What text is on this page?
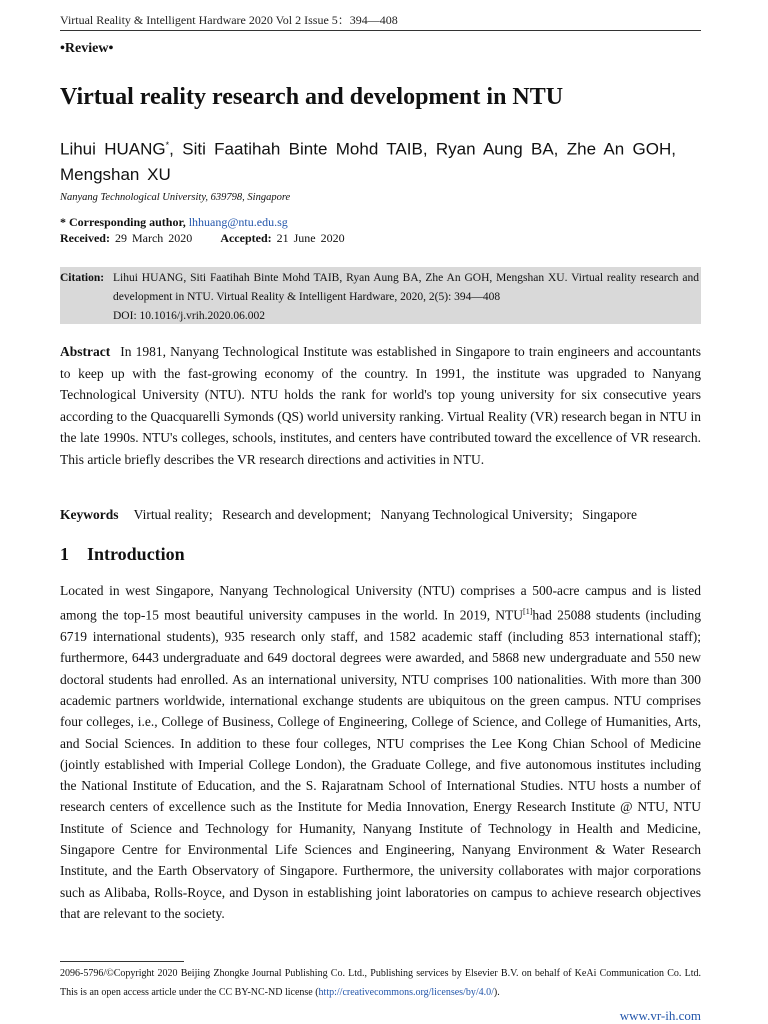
Virtual Reality & Intelligent Hardware 2020 Vol 2 Issue 5：394—408
•Review•
Virtual reality research and development in NTU

Lihui HUANG*, Siti Faatihah Binte Mohd TAIB, Ryan Aung BA, Zhe An GOH, Mengshan XU

Nanyang Technological University, 639798, Singapore
* Corresponding author, lhhuang@ntu.edu.sg
Received: 29 March 2020 Accepted: 21 June 2020
Citation: Lihui HUANG, Siti Faatihah Binte Mohd TAIB, Ryan Aung BA, Zhe An GOH, Mengshan XU. Virtual reality research and development in NTU. Virtual Reality & Intelligent Hardware, 2020, 2(5): 394—408
DOI: 10.1016/j.vrih.2020.06.002

Abstract In 1981, Nanyang Technological Institute was established in Singapore to train engineers and accountants to keep up with the fast-growing economy of the country. In 1991, the institute was upgraded to Nanyang Technological University (NTU). NTU holds the rank for world's top young university for six consecutive years according to the Quacquarelli Symonds (QS) world university ranking. Virtual Reality (VR) research began in NTU in the late 1990s. NTU's colleges, schools, institutes, and centers have contributed toward the excellence of VR research. This article briefly describes the VR research directions and activities in NTU.

Keywords Virtual reality; Research and development; Nanyang Technological University; Singapore
1 Introduction

Located in west Singapore, Nanyang Technological University (NTU) comprises a 500-acre campus and is listed among the top-15 most beautiful university campuses in the world. In 2019, NTU[1]had 25088 students (including 6719 international students), 935 research only staff, and 1582 academic staff (including 853 international staff); furthermore, 6443 undergraduate and 649 doctoral degrees were awarded, and 5868 new undergraduate and 550 new doctoral students had enrolled. As an international university, NTU comprises 100 nationalities. With more than 300 academic partners worldwide, international exchange students are ubiquitous on the green campus. NTU comprises four colleges, i.e., College of Business, College of Engineering, College of Science, and College of Humanities, Arts, and Social Sciences. In addition to these four colleges, NTU comprises the Lee Kong Chian School of Medicine (jointly established with Imperial College London), the Graduate College, and five autonomous institutes including the National Institute of Education, and the S. Rajaratnam School of International Studies. NTU hosts a number of research centers of excellence such as the Institute for Media Innovation, Energy Research Institute @ NTU, NTU Institute of Science and Technology for Humanity, Nanyang Institute of Technology in Health and Medicine, Singapore Centre for Environmental Life Sciences and Engineering, Nanyang Environment & Water Research Institute, and the Earth Observatory of Singapore. Furthermore, the university collaborates with major corporations such as Alibaba, Rolls-Royce, and Dyson in establishing joint laboratories on campus to achieve research objectives that are relevant to the society.

2096-5796/©Copyright 2020 Beijing Zhongke Journal Publishing Co. Ltd., Publishing services by Elsevier B.V. on behalf of KeAi Communication Co. Ltd. This is an open access article under the CC BY-NC-ND license (http://creativecommons.org/licenses/by/4.0/).
www.vr-ih.com
